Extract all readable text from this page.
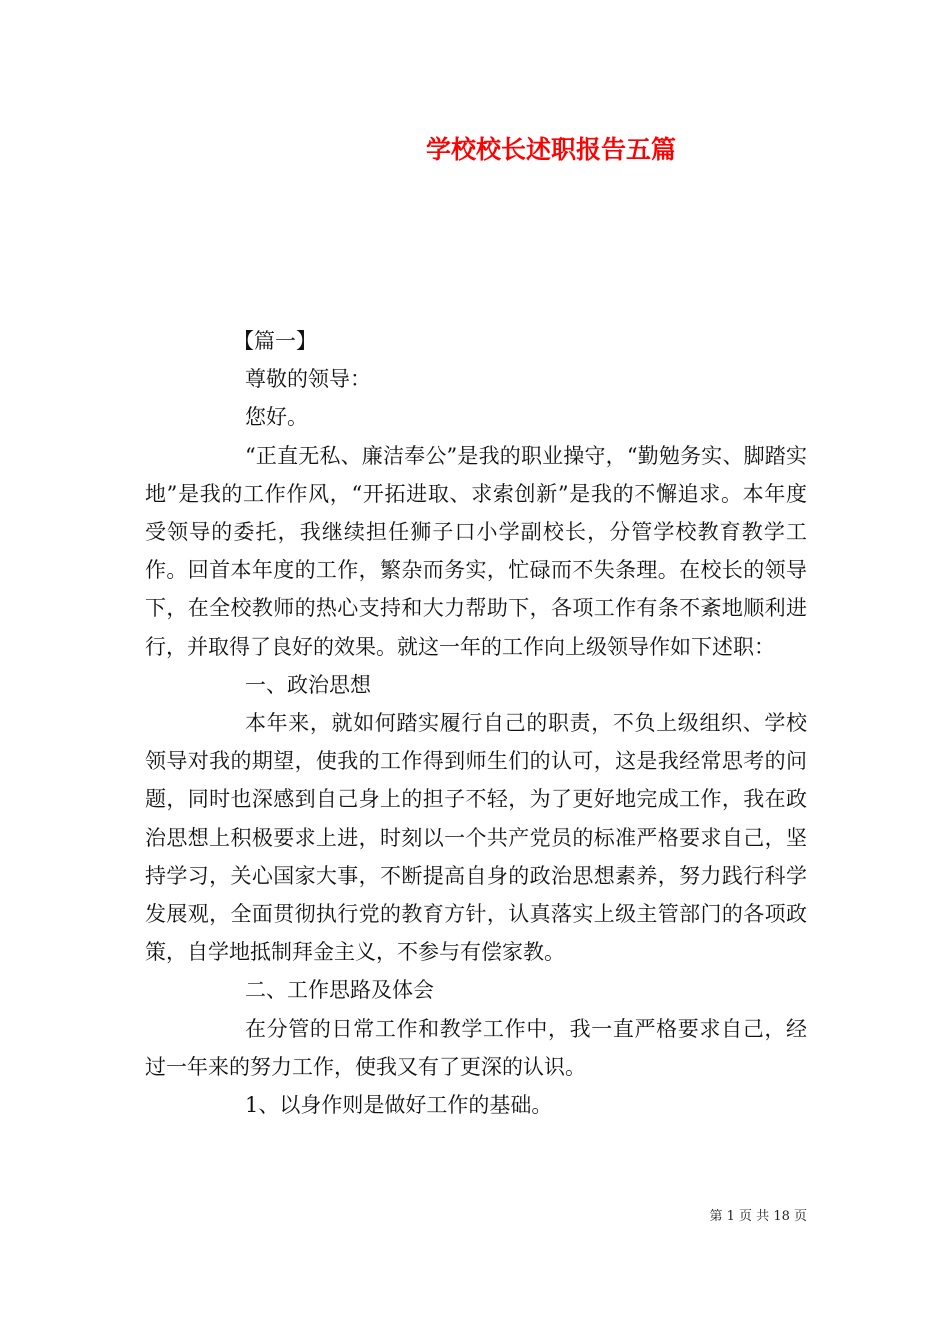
学校校长述职报告五篇

【篇一】

尊敬的领导：

您好。

“正直无私、廉洁奉公”是我的职业操守，“勤勉务实、脚踏实地”是我的工作作风，“开拓进取、求索创新”是我的不懈追求。本年度受领导的委托，我继续担任狮子口小学副校长，分管学校教育教学工作。回首本年度的工作，繁杂而务实，忙碌而不失条理。在校长的领导下，在全校教师的热心支持和大力帮助下，各项工作有条不紊地顺利进行，并取得了良好的效果。就这一年的工作向上级领导作如下述职：

一、政治思想

本年来，就如何踏实履行自己的职责，不负上级组织、学校领导对我的期望，使我的工作得到师生们的认可，这是我经常思考的问题，同时也深感到自己身上的担子不轻，为了更好地完成工作，我在政治思想上积极要求上进，时刻以一个共产党员的标准严格要求自己，坚持学习，关心国家大事，不断提高自身的政治思想素养，努力践行科学发展观，全面贯彻执行党的教育方针，认真落实上级主管部门的各项政策，自学地抵制拜金主义，不参与有偿家教。

二、工作思路及体会

在分管的日常工作和教学工作中，我一直严格要求自己，经过一年来的努力工作，使我又有了更深的认识。

1、以身作则是做好工作的基础。

第 1 页 共 18 页
